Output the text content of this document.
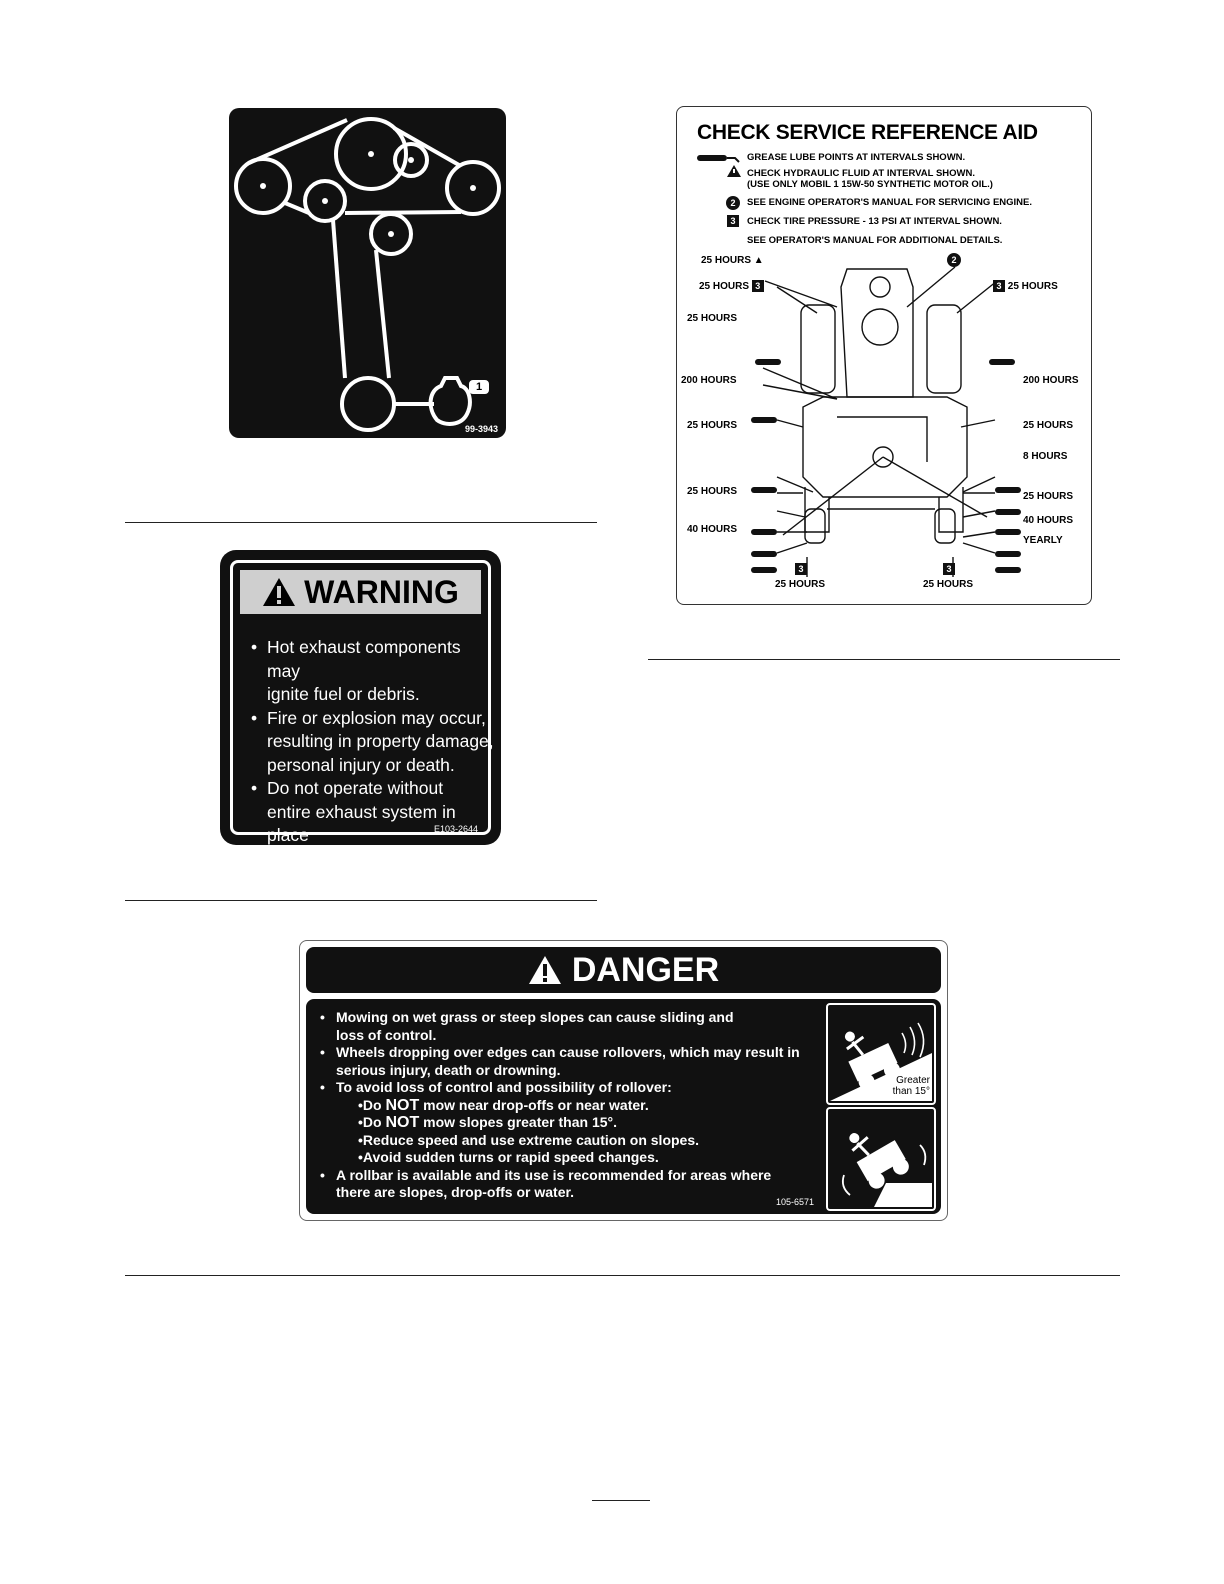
1
99-3943
WARNING
• Hot exhaust components may
ignite fuel or debris.
• Fire or explosion may occur,
resulting in property damage,
personal injury or death.
• Do not operate without
entire exhaust system in place
and in proper working condition.
E103-2644
CHECK SERVICE REFERENCE AID
GREASE LUBE POINTS AT INTERVALS SHOWN.
CHECK HYDRAULIC FLUID AT INTERVAL SHOWN.
(USE ONLY MOBIL 1 15W-50 SYNTHETIC MOTOR OIL.)
2	SEE ENGINE OPERATOR'S MANUAL FOR SERVICING ENGINE.
3	CHECK TIRE PRESSURE - 13 PSI AT INTERVAL SHOWN.
SEE OPERATOR'S MANUAL FOR ADDITIONAL DETAILS.
25 HOURS ▲	2
25 HOURS 3	3 25 HOURS
25 HOURS
200 HOURS	200 HOURS
25 HOURS	25 HOURS
8 HOURS
25 HOURS	25 HOURS
40 HOURS
40 HOURS
YEARLY
3	3
25 HOURS	25 HOURS
DANGER
• Mowing on wet grass or steep slopes can cause sliding and
loss of control.
• Wheels dropping over edges can cause rollovers, which may result in
serious injury, death or drowning.
• To avoid loss of control and possibility of rollover:
•Do NOT mow near drop-offs or near water.
•Do NOT mow slopes greater than 15°.
•Reduce speed and use extreme caution on slopes.
•Avoid sudden turns or rapid speed changes.
• A rollbar is available and its use is recommended for areas where
there are slopes, drop-offs or water.
105-6571
Greater
than 15°
